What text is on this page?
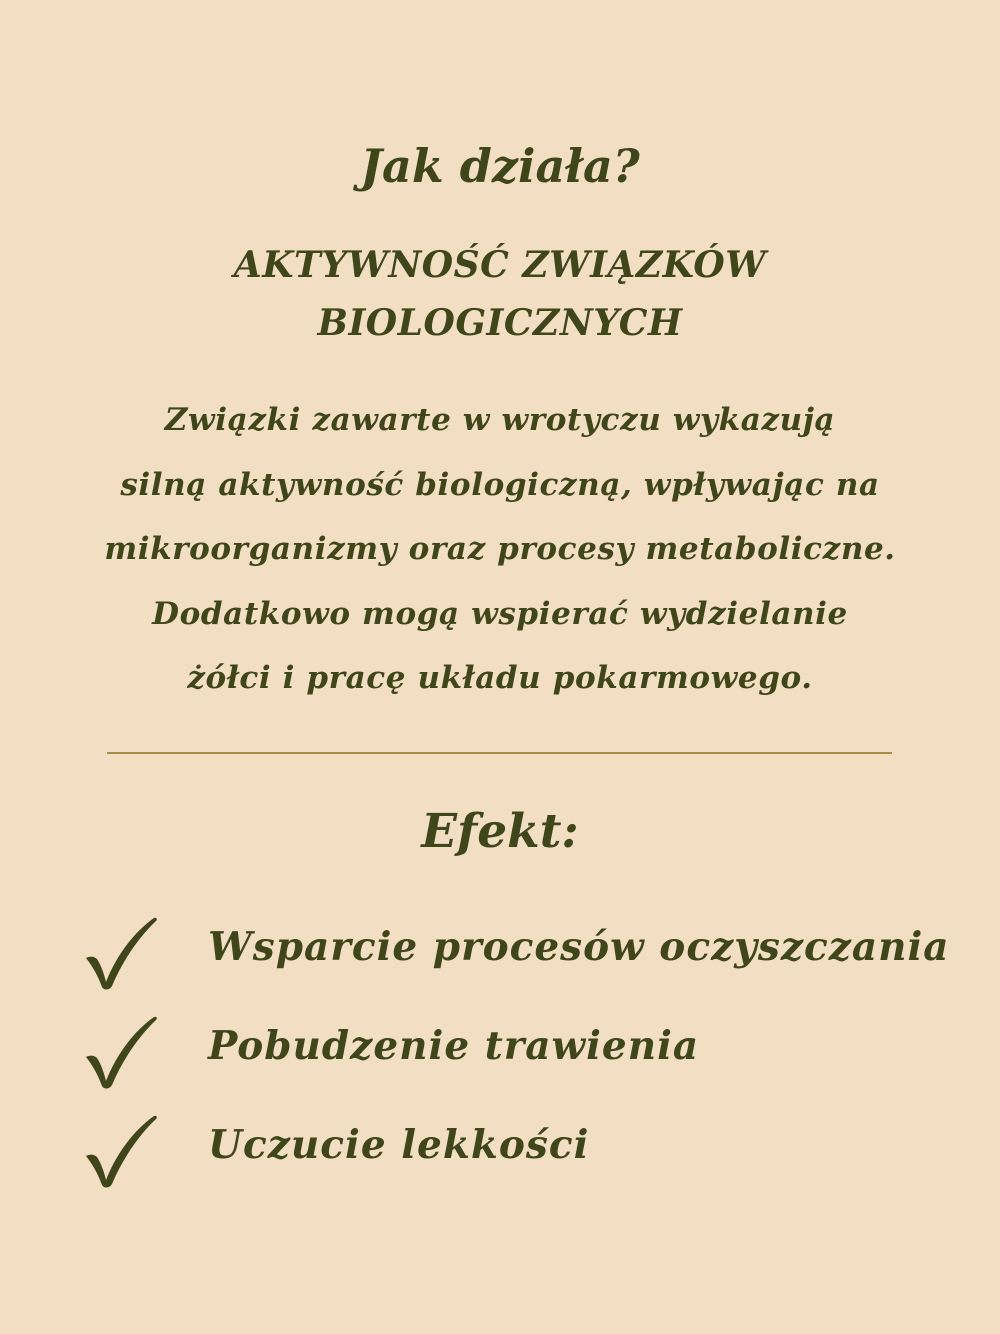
Jak działa?
AKTYWNOŚĆ ZWIĄZKÓW
BIOLOGICZNYCH
Związki zawarte w wrotyczu wykazują
silną aktywność biologiczną, wpływając na
mikroorganizmy oraz procesy metaboliczne.
Dodatkowo mogą wspierać wydzielanie
żółci i pracę układu pokarmowego.
Efekt:
Wsparcie procesów oczyszczania
Pobudzenie trawienia
Uczucie lekkości
